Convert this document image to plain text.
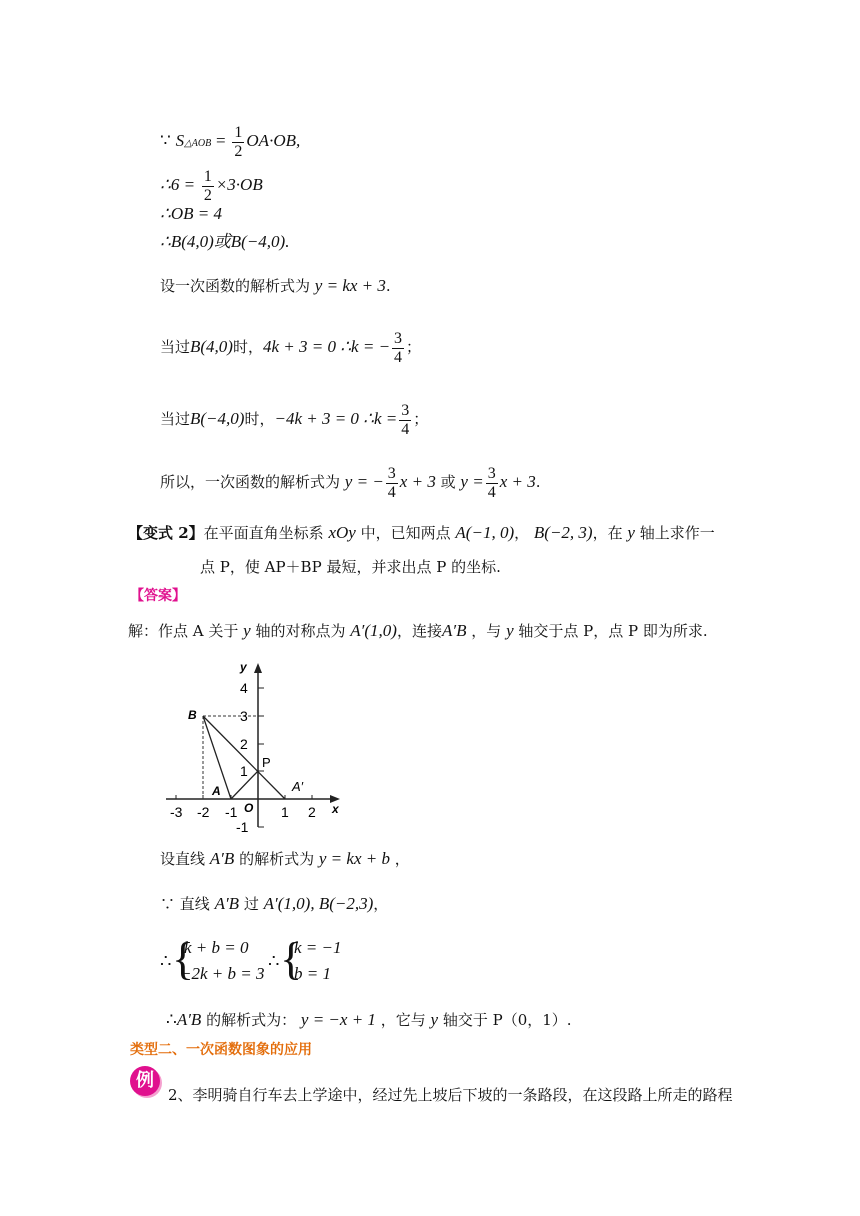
∵ S△AOB = $\frac{1}{2} OA\cdot OB$,
∴6 = $\frac{1}{2} \times 3\cdot OB$
∴OB = 4
∴B(4,0)或B(−4,0).
设一次函数的解析式为 y = kx + 3.
当过B(4,0)时，4k + 3 = 0 ∴k = − $\frac{3}{4}$ ；
当过B(−4,0)时，−4k + 3 = 0 ∴k = $\frac{3}{4}$ ；
所以，一次函数的解析式为 y = − $\frac{3}{4}$ x + 3 或 $y = \frac{3}{4}$ x + 3.
【变式 2】在平面直角坐标系 xOy 中，已知两点 A(−1, 0)， B(−2, 3)，在 y 轴上求作一
点 P，使 AP＋BP 最短，并求出点 P 的坐标.
【答案】
解：作点 A 关于 y 轴的对称点为 A′(1,0)，连接A′B ，与 y 轴交于点 P，点 P 即为所求.
-3 -2 -1	1 2
4
3
2
1
-1
O	x
y
B
A
P
A′
设直线 A′B 的解析式为 y = kx + b ，
∵ 直线 A′B 过 A′(1,0), B(−2,3)，
∴ {
k + b = 0
−2k + b = 3
∴ {
k = −1
b = 1
∴A′B 的解析式为： y = −x + 1 ，它与 y 轴交于 P（0，1）.
类型二、一次函数图象的应用
例
2、李明骑自行车去上学途中，经过先上坡后下坡的一条路段，在这段路上所走的路程
